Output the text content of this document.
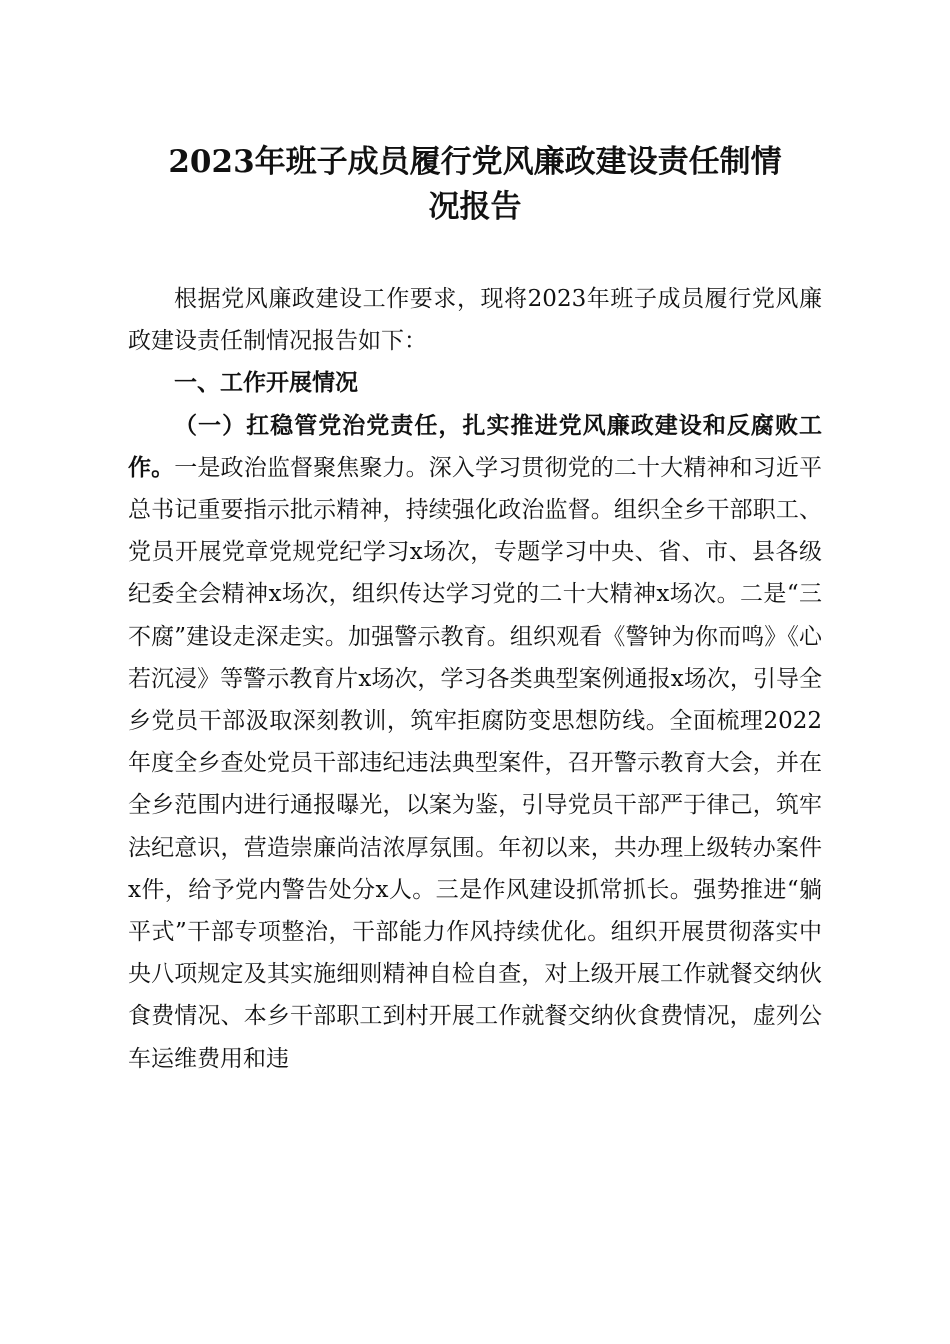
2023年班子成员履行党风廉政建设责任制情
况报告

根据党风廉政建设工作要求，现将2023年班子成员履行党风廉政建设责任制情况报告如下：

一、工作开展情况

（一）扛稳管党治党责任，扎实推进党风廉政建设和反腐败工作。一是政治监督聚焦聚力。深入学习贯彻党的二十大精神和习近平总书记重要指示批示精神，持续强化政治监督。组织全乡干部职工、党员开展党章党规党纪学习x场次，专题学习中央、省、市、县各级纪委全会精神x场次，组织传达学习党的二十大精神x场次。二是“三不腐”建设走深走实。加强警示教育。组织观看《警钟为你而鸣》《心若沉浸》等警示教育片x场次，学习各类典型案例通报x场次，引导全乡党员干部汲取深刻教训，筑牢拒腐防变思想防线。全面梳理2022年度全乡查处党员干部违纪违法典型案件，召开警示教育大会，并在全乡范围内进行通报曝光，以案为鉴，引导党员干部严于律己，筑牢法纪意识，营造崇廉尚洁浓厚氛围。年初以来，共办理上级转办案件x件，给予党内警告处分x人。三是作风建设抓常抓长。强势推进“躺平式”干部专项整治，干部能力作风持续优化。组织开展贯彻落实中央八项规定及其实施细则精神自检自查，对上级开展工作就餐交纳伙食费情况、本乡干部职工到村开展工作就餐交纳伙食费情况，虚列公车运维费用和违
